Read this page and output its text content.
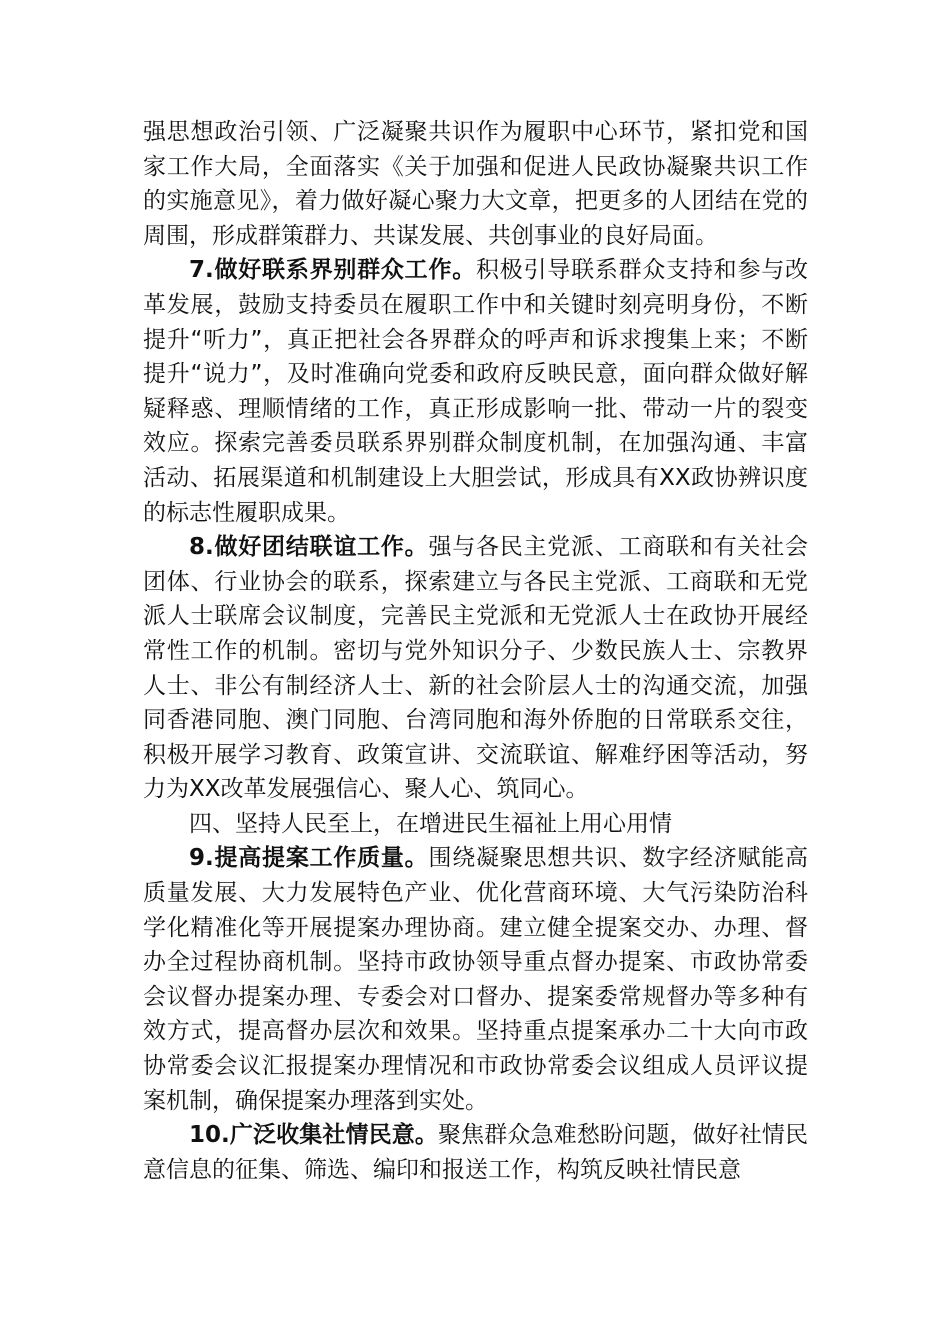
强思想政治引领、广泛凝聚共识作为履职中心环节，紧扣党和国家工作大局，全面落实《关于加强和促进人民政协凝聚共识工作的实施意见》，着力做好凝心聚力大文章，把更多的人团结在党的周围，形成群策群力、共谋发展、共创事业的良好局面。

7.做好联系界别群众工作。积极引导联系群众支持和参与改革发展，鼓励支持委员在履职工作中和关键时刻亮明身份，不断提升“听力”，真正把社会各界群众的呼声和诉求搜集上来；不断提升“说力”，及时准确向党委和政府反映民意，面向群众做好解疑释惑、理顺情绪的工作，真正形成影响一批、带动一片的裂变效应。探索完善委员联系界别群众制度机制，在加强沟通、丰富活动、拓展渠道和机制建设上大胆尝试，形成具有XX政协辨识度的标志性履职成果。

8.做好团结联谊工作。强与各民主党派、工商联和有关社会团体、行业协会的联系，探索建立与各民主党派、工商联和无党派人士联席会议制度，完善民主党派和无党派人士在政协开展经常性工作的机制。密切与党外知识分子、少数民族人士、宗教界人士、非公有制经济人士、新的社会阶层人士的沟通交流，加强同香港同胞、澳门同胞、台湾同胞和海外侨胞的日常联系交往，积极开展学习教育、政策宣讲、交流联谊、解难纾困等活动，努力为XX改革发展强信心、聚人心、筑同心。

四、坚持人民至上，在增进民生福祉上用心用情

9.提高提案工作质量。围绕凝聚思想共识、数字经济赋能高质量发展、大力发展特色产业、优化营商环境、大气污染防治科学化精准化等开展提案办理协商。建立健全提案交办、办理、督办全过程协商机制。坚持市政协领导重点督办提案、市政协常委会议督办提案办理、专委会对口督办、提案委常规督办等多种有效方式，提高督办层次和效果。坚持重点提案承办二十大向市政协常委会议汇报提案办理情况和市政协常委会议组成人员评议提案机制，确保提案办理落到实处。

10.广泛收集社情民意。聚焦群众急难愁盼问题，做好社情民意信息的征集、筛选、编印和报送工作，构筑反映社情民意
